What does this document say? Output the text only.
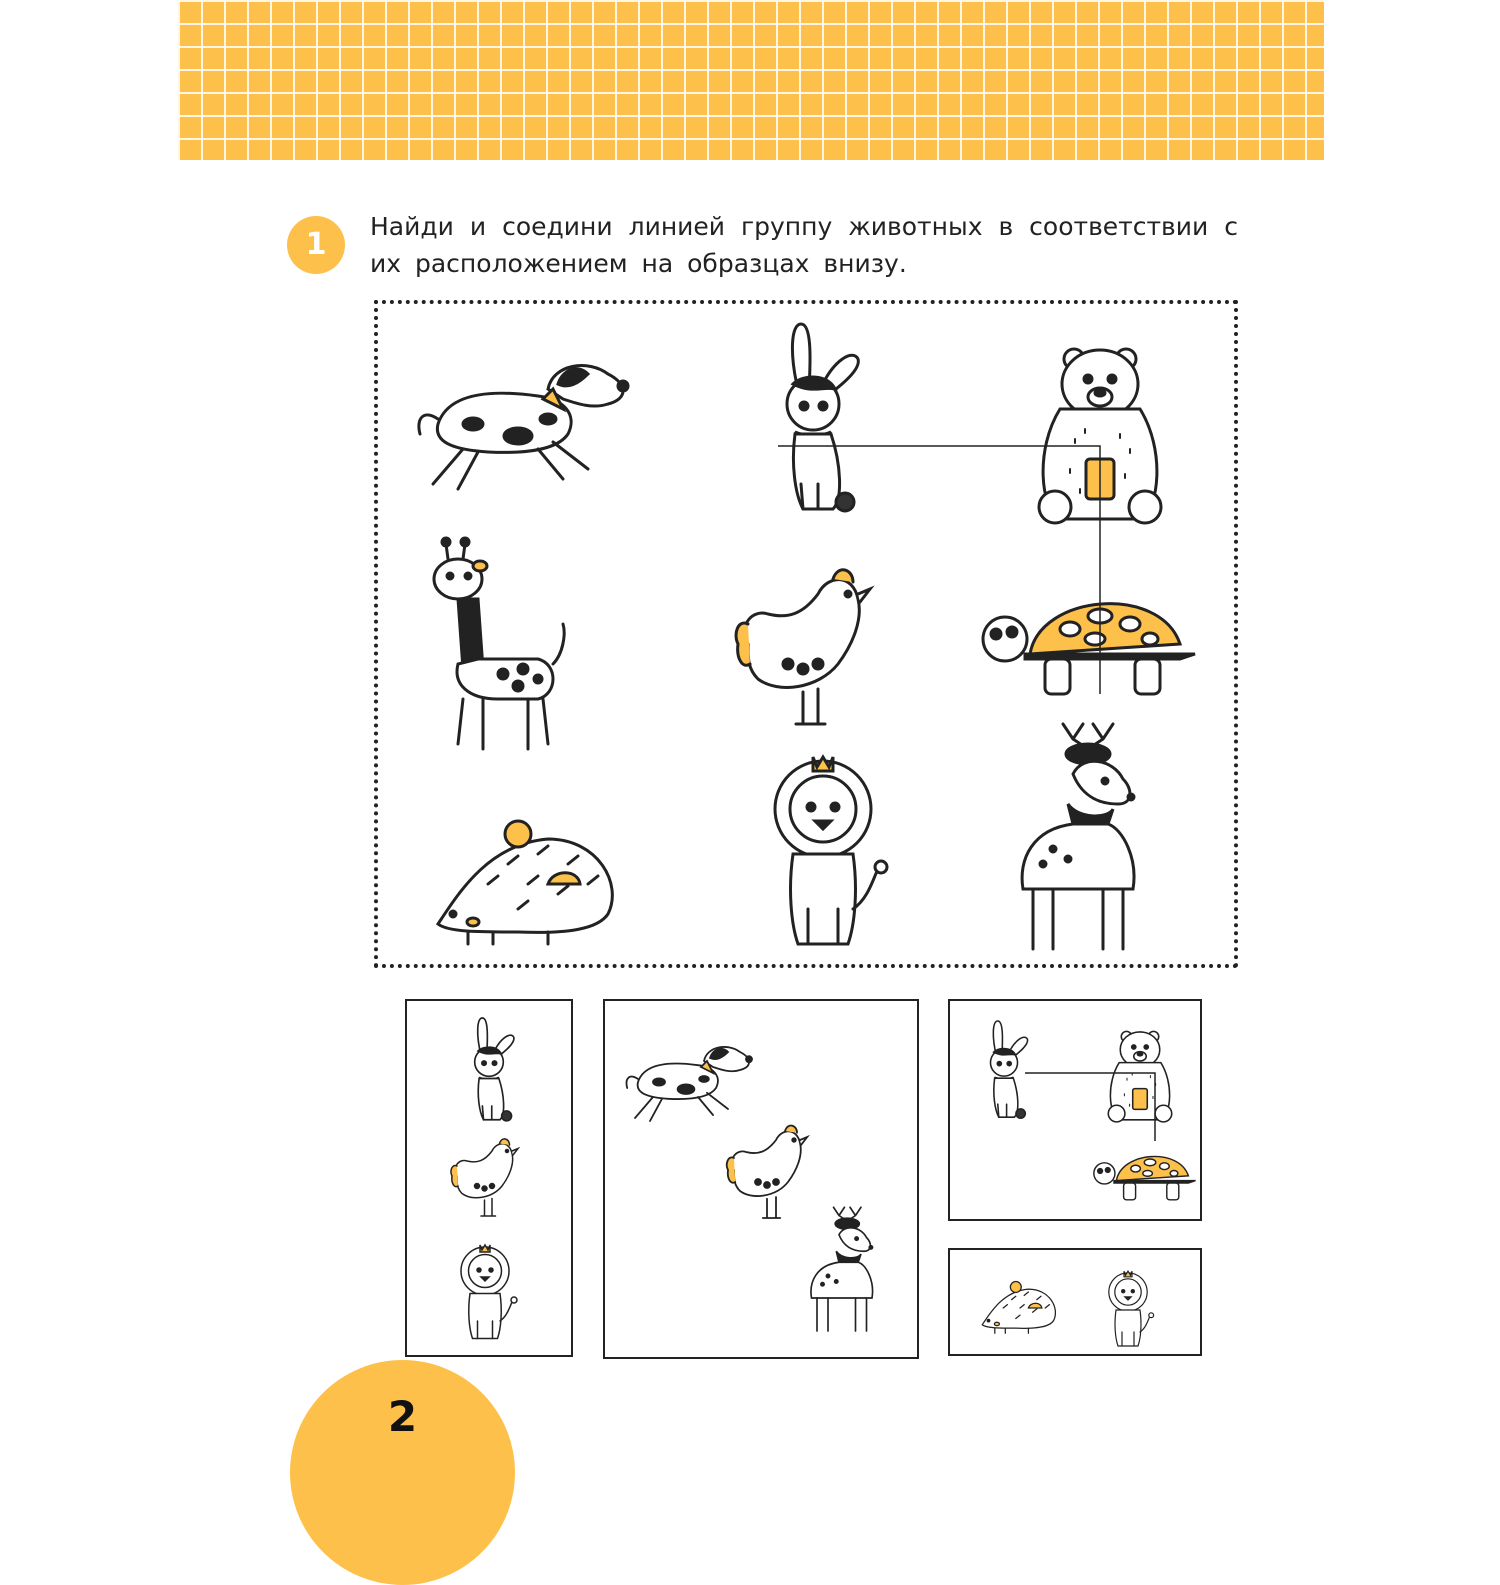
1
Найди и соедини линией группу животных в соответствии с их расположением на образцах внизу.
2
